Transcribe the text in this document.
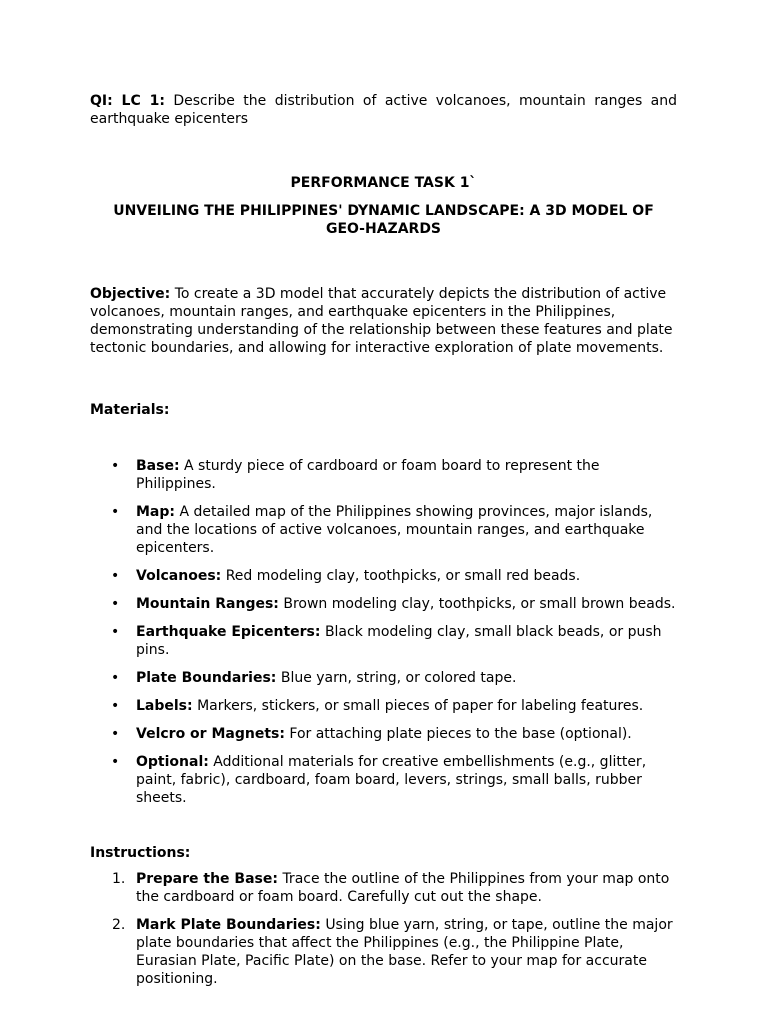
QI: LC 1: Describe the distribution of active volcanoes, mountain ranges and earthquake epicenters

PERFORMANCE TASK 1`

UNVEILING THE PHILIPPINES' DYNAMIC LANDSCAPE: A 3D MODEL OF GEO-HAZARDS

Objective: To create a 3D model that accurately depicts the distribution of active volcanoes, mountain ranges, and earthquake epicenters in the Philippines, demonstrating understanding of the relationship between these features and plate tectonic boundaries, and allowing for interactive exploration of plate movements.

Materials:

• Base: A sturdy piece of cardboard or foam board to represent the Philippines.
• Map: A detailed map of the Philippines showing provinces, major islands, and the locations of active volcanoes, mountain ranges, and earthquake epicenters.
• Volcanoes: Red modeling clay, toothpicks, or small red beads.
• Mountain Ranges: Brown modeling clay, toothpicks, or small brown beads.
• Earthquake Epicenters: Black modeling clay, small black beads, or push pins.
• Plate Boundaries: Blue yarn, string, or colored tape.
• Labels: Markers, stickers, or small pieces of paper for labeling features.
• Velcro or Magnets: For attaching plate pieces to the base (optional).
• Optional: Additional materials for creative embellishments (e.g., glitter, paint, fabric), cardboard, foam board, levers, strings, small balls, rubber sheets.

Instructions:

1. Prepare the Base: Trace the outline of the Philippines from your map onto the cardboard or foam board. Carefully cut out the shape.
2. Mark Plate Boundaries: Using blue yarn, string, or tape, outline the major plate boundaries that affect the Philippines (e.g., the Philippine Plate, Eurasian Plate, Pacific Plate) on the base. Refer to your map for accurate positioning.
